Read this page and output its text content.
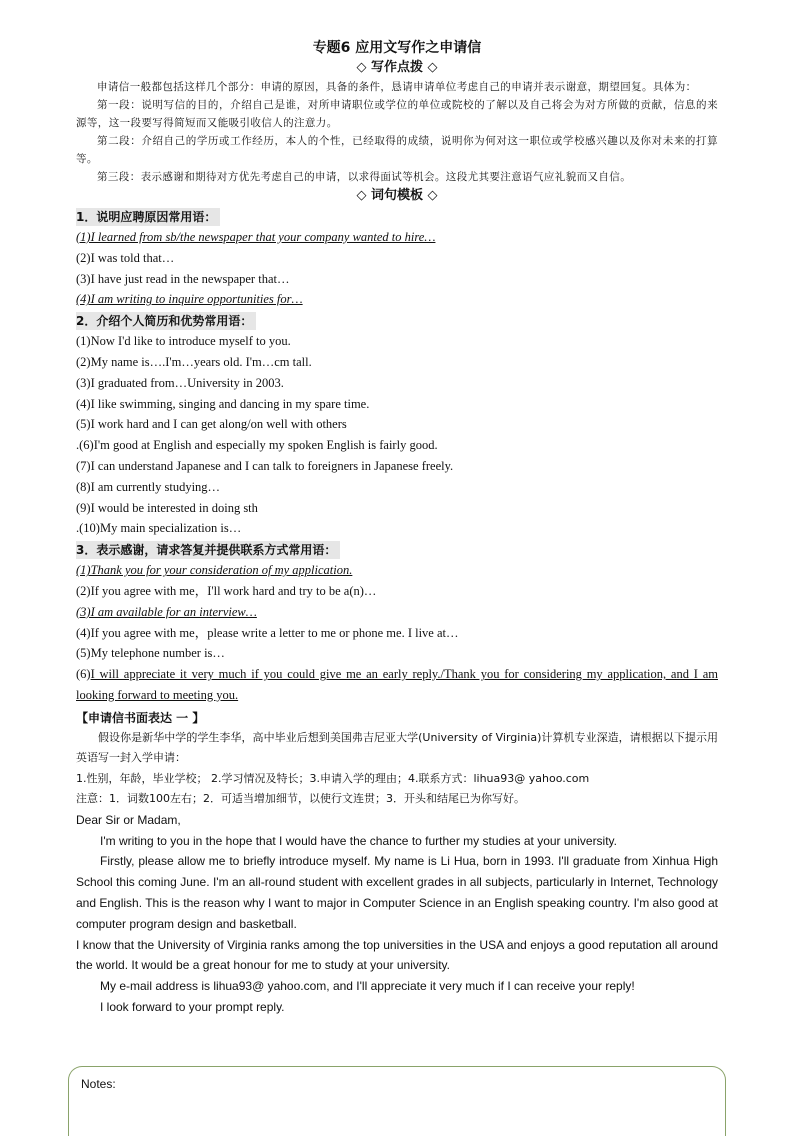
专题6 应用文写作之申请信

◇ 写作点拨 ◇

申请信一般都包括这样几个部分：申请的原因，具备的条件，恳请申请单位考虑自己的申请并表示谢意，期望回复。具体为：

第一段：说明写信的目的，介绍自己是谁，对所申请职位或学位的单位或院校的了解以及自己将会为对方所做的贡献，信息的来源等，这一段要写得简短而又能吸引收信人的注意力。

第二段：介绍自己的学历或工作经历，本人的个性，已经取得的成绩，说明你为何对这一职位或学校感兴趣以及你对未来的打算等。

第三段：表示感谢和期待对方优先考虑自己的申请，以求得面试等机会。这段尤其要注意语气应礼貌而又自信。

◇ 词句模板 ◇

1．说明应聘原因常用语：

(1)I learned from sb/the newspaper that your company wanted to hire…

(2)I was told that…

(3)I have just read in the newspaper that…

(4)I am writing to inquire opportunities for…

2．介绍个人简历和优势常用语：

(1)Now I'd like to introduce myself to you.

(2)My name is….I'm…years old. I'm…cm tall.

(3)I graduated from…University in 2003.

(4)I like swimming, singing and dancing in my spare time.

(5)I work hard and I can get along/on well with others

.(6)I'm good at English and especially my spoken English is fairly good.

(7)I can understand Japanese and I can talk to foreigners in Japanese freely.

(8)I am currently studying…

(9)I would be interested in doing sth

.(10)My main specialization is…

3．表示感谢，请求答复并提供联系方式常用语：

(1)Thank you for your consideration of my application.

(2)If you agree with me，I'll work hard and try to be a(n)…

(3)I am available for an interview…

(4)If you agree with me，please write a letter to me or phone me. I live at…

(5)My telephone number is…

(6)I will appreciate it very much if you could give me an early reply./Thank you for considering my application, and I am looking forward to meeting you.

【申请信书面表达 一 】

假设你是新华中学的学生李华，高中毕业后想到美国弗吉尼亚大学(University of Virginia)计算机专业深造，请根据以下提示用英语写一封入学申请：

1.性别，年龄，毕业学校； 2.学习情况及特长；3.申请入学的理由；4.联系方式：lihua93@ yahoo.com

注意：1．词数100左右；2．可适当增加细节，以使行文连贯；3．开头和结尾已为你写好。

Dear Sir or Madam,

I'm writing to you in the hope that I would have the chance to further my studies at your university.

Firstly, please allow me to briefly introduce myself. My name is Li Hua, born in 1993. I'll graduate from Xinhua High School this coming June. I'm an all-round student with excellent grades in all subjects, particularly in Internet, Technology and English. This is the reason why I want to major in Computer Science in an English speaking country. I'm also good at computer program design and basketball.

I know that the University of Virginia ranks among the top universities in the USA and enjoys a good reputation all around the world. It would be a great honour for me to study at your university.

My e-mail address is lihua93@ yahoo.com, and I'll appreciate it very much if I can receive your reply!

I look forward to your prompt reply.

Notes:
